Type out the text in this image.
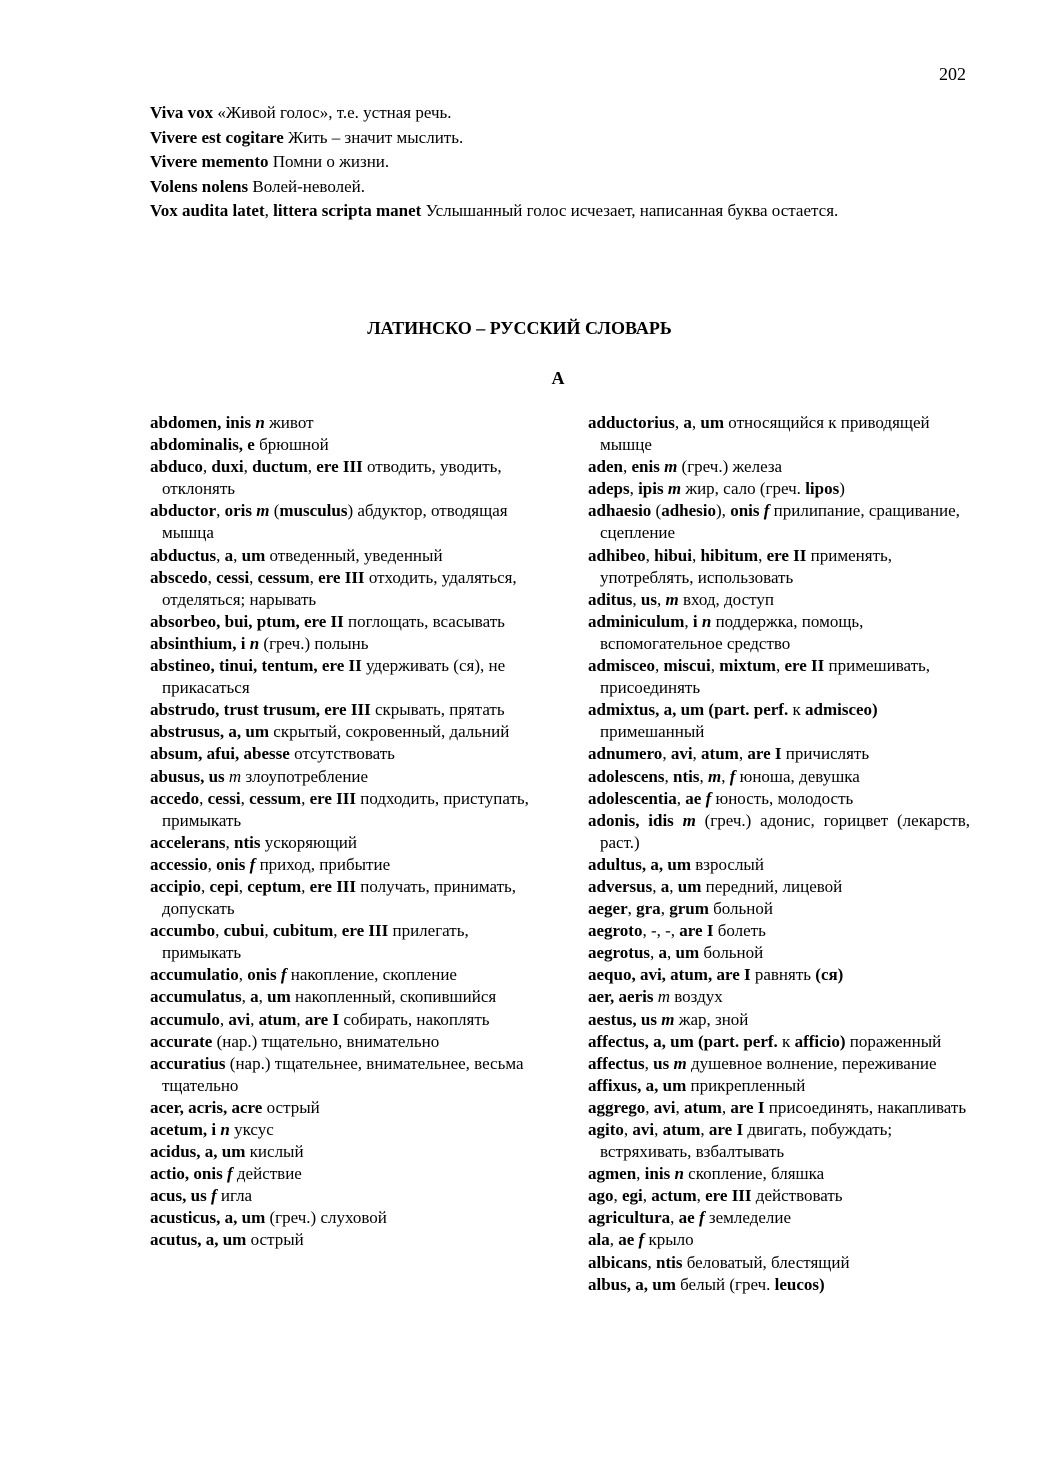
202

Viva vox «Живой голос», т.е. устная речь.

Vivere est cogitare Жить – значит мыслить.

Vivere memento Помни о жизни.

Volens nolens Волей-неволей.

Vox audita latet, littera scripta manet Услышанный голос исчезает, написанная буква остается.

ЛАТИНСКО – РУССКИЙ СЛОВАРЬ
А

abdomen, inis n живот

abdominalis, e брюшной

abduco, duxi, ductum, ere III отводить, уводить, отклонять

abductor, oris m (musculus) абдуктор, отводящая мышца

abductus, a, um отведенный, уведенный

abscedo, cessi, cessum, ere III отходить, удаляться, отделяться; нарывать

absorbeo, bui, ptum, ere II поглощать, всасывать

absinthium, i n (греч.) полынь

abstineo, tinui, tentum, ere II удерживать (ся), не прикасаться

abstrudo, trust trusum, ere III скрывать, прятать

abstrusus, a, um скрытый, сокровенный, дальний

absum, afui, abesse отсутствовать

abusus, us m злоупотребление

accedo, cessi, cessum, ere III подходить, приступать, примыкать

accelerans, ntis ускоряющий

accessio, onis f приход, прибытие

accipio, cepi, ceptum, ere III получать, принимать, допускать

accumbo, cubui, cubitum, ere III прилегать, примыкать

accumulatio, onis f накопление, скопление

accumulatus, a, um накопленный, скопившийся

accumulo, avi, atum, are I собирать, накоплять

accurate (нар.) тщательно, внимательно

accuratius (нар.) тщательнее, внимательнее, весьма тщательно

acer, acris, acre острый

acetum, i n уксус

acidus, a, um кислый

actio, onis f действие

acus, us f игла

acusticus, a, um (греч.) слуховой

acutus, a, um острый

adductorius, a, um относящийся к приводящей мышце

aden, enis m (греч.) железа

adeps, ipis m жир, сало (греч. lipos)

adhaesio (adhesio), onis f прилипание, сращивание, сцепление

adhibeo, hibui, hibitum, ere II применять, употреблять, использовать

aditus, us, m вход, доступ

adminiculum, i n поддержка, помощь, вспомогательное средство

admisceo, miscui, mixtum, ere II примешивать, присоединять

admixtus, a, um (part. perf. к admisceo) примешанный

adnumero, avi, atum, are I причислять

adolescens, ntis, m, f юноша, девушка

adolescentia, ae f юность, молодость

adonis, idis m (греч.) адонис, горицвет (лекарств, раст.)

adultus, a, um взрослый

adversus, a, um передний, лицевой

aeger, gra, grum больной

aegroto, -, -, are I болеть

aegrotus, a, um больной

aequo, avi, atum, are I равнять (ся)

aer, aeris m воздух

aestus, us m жар, зной

affectus, a, um (part. perf. к afficio) пораженный

affectus, us m душевное волнение, переживание

affixus, a, um прикрепленный

aggrego, avi, atum, are I присоединять, накапливать

agito, avi, atum, are I двигать, побуждать; встряхивать, взбалтывать

agmen, inis n скопление, бляшка

ago, egi, actum, ere III действовать

agricultura, ae f земледелие

ala, ae f крыло

albicans, ntis беловатый, блестящий

albus, a, um белый (греч. leucos)
